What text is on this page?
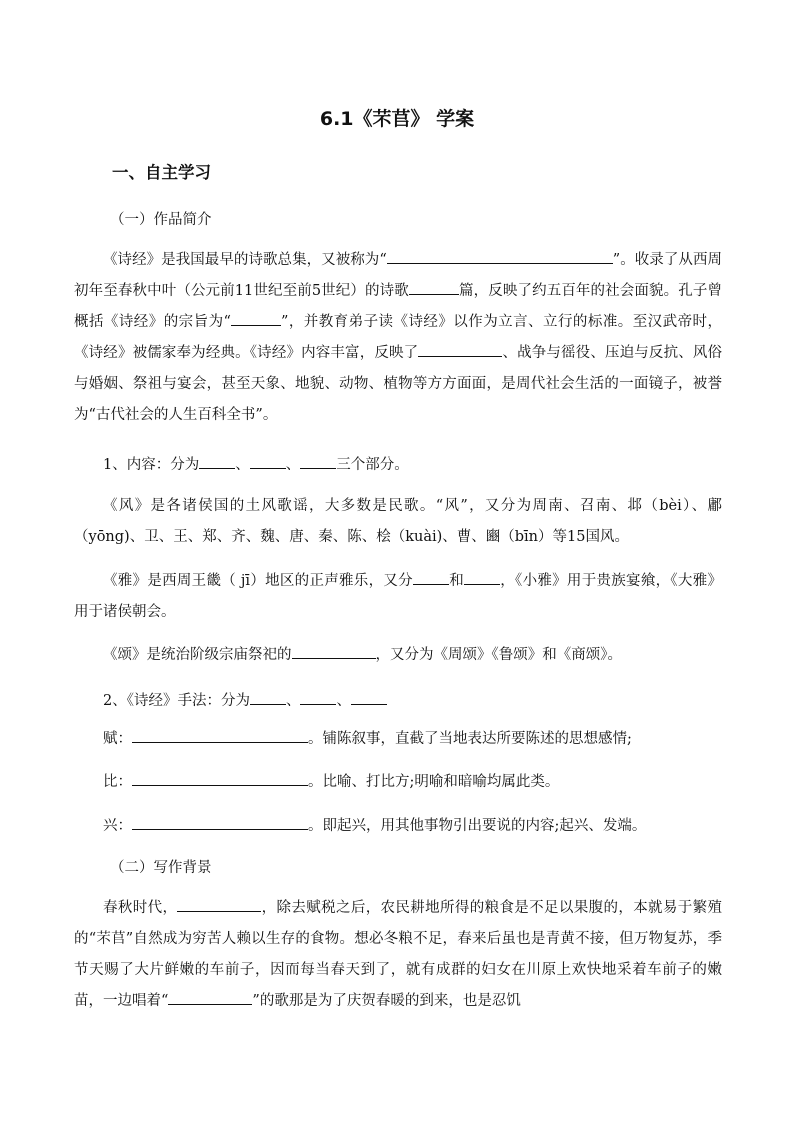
6.1《芣苢》 学案
一、自主学习
（一）作品简介
《诗经》是我国最早的诗歌总集，又被称为“	”。收录了从西周初年至春秋中叶（公元前11世纪至前5世纪）的诗歌	篇，反映了约五百年的社会面貌。孔子曾概括《诗经》的宗旨为“	”，并教育弟子读《诗经》以作为立言、立行的标准。至汉武帝时，《诗经》被儒家奉为经典。《诗经》内容丰富，反映了	、战争与徭役、压迫与反抗、风俗与婚姻、祭祖与宴会，甚至天象、地貌、动物、植物等方方面面，是周代社会生活的一面镜子，被誉为“古代社会的人生百科全书”。
1、内容：分为 、 、 三个部分。
《风》是各诸侯国的土风歌谣，大多数是民歌。“风”，又分为周南、召南、邶（bèi）、鄘（yōng)、卫、王、郑、齐、魏、唐、秦、陈、桧（kuài)、曹、豳（bīn）等15国风。
《雅》是西周王畿（ jī）地区的正声雅乐，又分 和 ，《小雅》用于贵族宴飨，《大雅》用于诸侯朝会。
《颂》是统治阶级宗庙祭祀的	，又分为《周颂》《鲁颂》和《商颂》。
2、《诗经》手法：分为 、 、
赋：	。铺陈叙事，直截了当地表达所要陈述的思想感情;
比：	。比喻、打比方;明喻和暗喻均属此类。
兴：	。即起兴，用其他事物引出要说的内容;起兴、发端。
（二）写作背景
春秋时代，	，除去赋税之后，农民耕地所得的粮食是不足以果腹的，本就易于繁殖的“芣苢”自然成为穷苦人赖以生存的食物。想必冬粮不足，春来后虽也是青黄不接，但万物复苏，季节天赐了大片鲜嫩的车前子，因而每当春天到了，就有成群的妇女在川原上欢快地采着车前子的嫩苗，一边唱着“	”的歌那是为了庆贺春暖的到来，也是忍饥
